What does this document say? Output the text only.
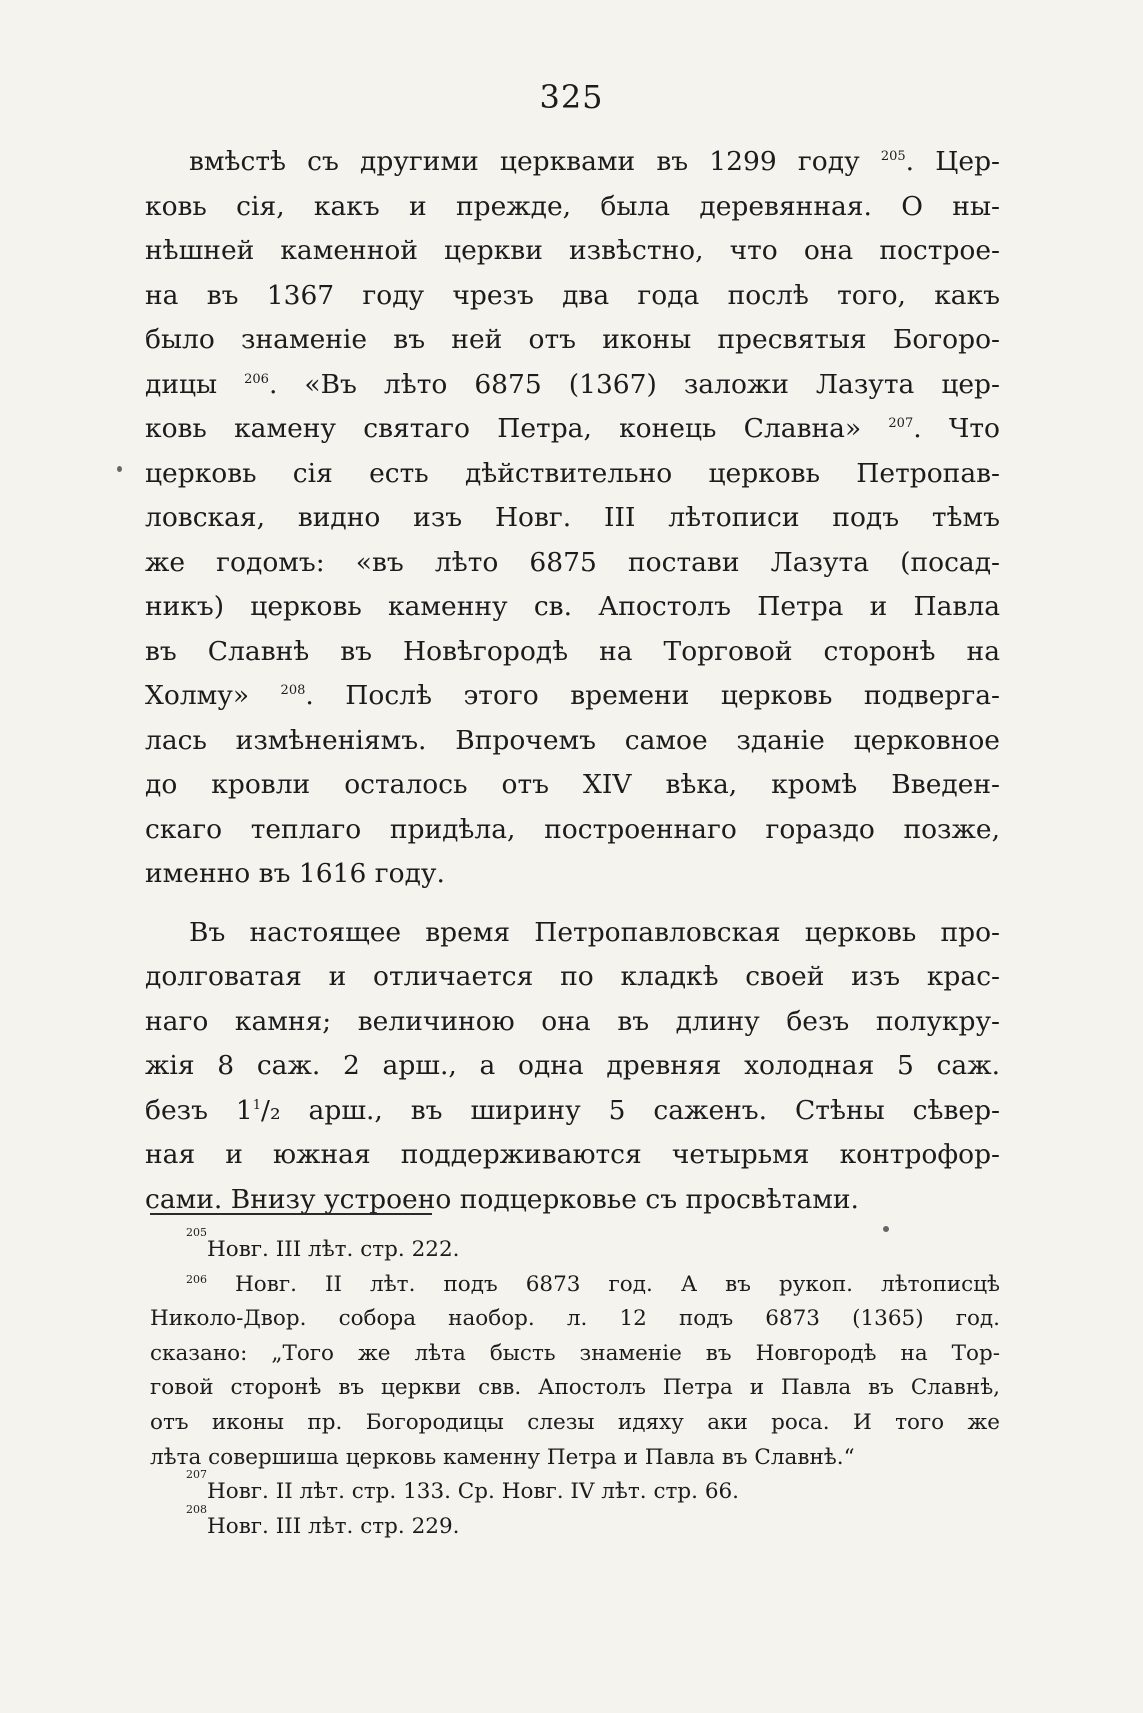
325
вмѣстѣ съ другими церквами въ 1299 году $^{205}$. Цер-
ковь сія, какъ и прежде, была деревянная. О ны-
нѣшней каменной церкви извѣстно, что она построе-
на въ 1367 году чрезъ два года послѣ того, какъ
было знаменіе въ ней отъ иконы пресвятыя Богоро-
дицы $^{206}$. «Въ лѣто 6875 (1367) заложи Лазута цер-
ковь камену святаго Петра, конець Славна» $^{207}$. Что
церковь сія есть дѣйствительно церковь Петропав-
ловская, видно изъ Новг. III лѣтописи подъ тѣмъ
же годомъ: «въ лѣто 6875 постави Лазута (посад-
никъ) церковь каменну св. Апостолъ Петра и Павла
въ Славнѣ въ Новѣгородѣ на Торговой сторонѣ на
Холму» $^{208}$. Послѣ этого времени церковь подверга-
лась измѣненіямъ. Впрочемъ самое зданіе церковное
до кровли осталось отъ XIV вѣка, кромѣ Введен-
скаго теплаго придѣла, построеннаго гораздо позже,
именно въ 1616 году.
Въ настоящее время Петропавловская церковь про-
долговатая и отличается по кладкѣ своей изъ крас-
наго камня; величиною она въ длину безъ полукру-
жія 8 саж. 2 арш., а одна древняя холодная 5 саж.
безъ $1^1/_2$ арш., въ ширину 5 саженъ. Стѣны сѣвер-
ная и южная поддерживаются четырьмя контрофор-
сами. Внизу устроено подцерковье съ просвѣтами.
205
Новг. III лѣт. стр. 222.
$^{206}$ Новг. II лѣт. подъ 6873 год. А въ рукоп. лѣтописцѣ
Николо-Двор. собора наобор. л. 12 подъ 6873 (1365) год.
сказано: „Того же лѣта бысть знаменіе въ Новгородѣ на Тор-
говой сторонѣ въ церкви свв. Апостолъ Петра и Павла въ Славнѣ,
отъ иконы пр. Богородицы слезы идяху аки роса. И того же
лѣта совершиша церковь каменну Петра и Павла въ Славнѣ.“
207
Новг. II лѣт. стр. 133. Ср. Новг. IV лѣт. стр. 66.
208
Новг. III лѣт. стр. 229.
